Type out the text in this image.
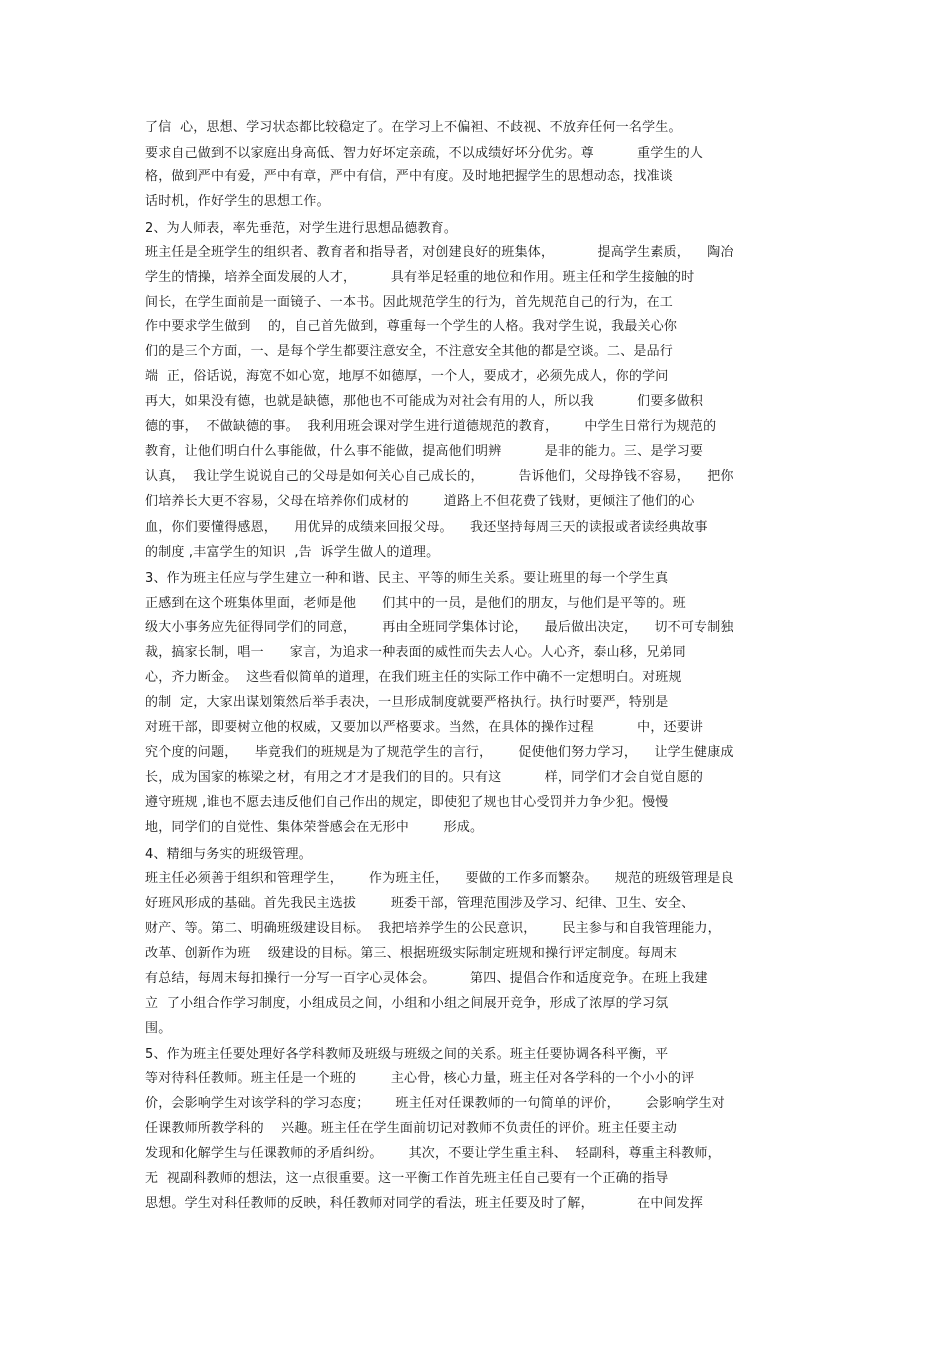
了信  心，思想、学习状态都比较稳定了。在学习上不偏袒、不歧视、不放弃任何一名学生。

要求自己做到不以家庭出身高低、智力好坏定亲疏，不以成绩好坏分优劣。尊          重学生的人

格，做到严中有爱，严中有章，严中有信，严中有度。及时地把握学生的思想动态，找准谈

话时机，作好学生的思想工作。

2、为人师表，率先垂范，对学生进行思想品德教育。

班主任是全班学生的组织者、教育者和指导者，对创建良好的班集体，          提高学生素质，    陶冶

学生的情操，培养全面发展的人才，        具有举足轻重的地位和作用。班主任和学生接触的时

间长，在学生面前是一面镜子、一本书。因此规范学生的行为，首先规范自己的行为，在工

作中要求学生做到    的，自己首先做到，尊重每一个学生的人格。我对学生说，我最关心你

们的是三个方面，一、是每个学生都要注意安全，不注意安全其他的都是空谈。二、是品行

端  正，俗话说，海宽不如心宽，地厚不如德厚，一个人，要成才，必须先成人，你的学问

再大，如果没有德，也就是缺德，那他也不可能成为对社会有用的人，所以我          们要多做积

德的事，  不做缺德的事。  我利用班会课对学生进行道德规范的教育，      中学生日常行为规范的

教育，让他们明白什么事能做，什么事不能做，提高他们明辨          是非的能力。三、是学习要

认真，  我让学生说说自己的父母是如何关心自己成长的，        告诉他们，父母挣钱不容易，    把你

们培养长大更不容易，父母在培养你们成材的        道路上不但花费了钱财，更倾注了他们的心

血，你们要懂得感恩，    用优异的成绩来回报父母。    我还坚持每周三天的读报或者读经典故事

的制度 ,丰富学生的知识  ,告  诉学生做人的道理。

3、作为班主任应与学生建立一种和谐、民主、平等的师生关系。要让班里的每一个学生真

正感到在这个班集体里面，老师是他      们其中的一员，是他们的朋友，与他们是平等的。班

级大小事务应先征得同学们的同意，      再由全班同学集体讨论，    最后做出决定，    切不可专制独

裁，搞家长制，唱一      家言，为追求一种表面的威性而失去人心。人心齐，泰山移，兄弟同

心，齐力断金。  这些看似简单的道理，在我们班主任的实际工作中确不一定想明白。对班规

的制  定，大家出谋划策然后举手表决，一旦形成制度就要严格执行。执行时要严，特别是

对班干部，即要树立他的权威，又要加以严格要求。当然，在具体的操作过程          中，还要讲

究个度的问题，    毕竟我们的班规是为了规范学生的言行，      促使他们努力学习，    让学生健康成

长，成为国家的栋梁之材，有用之才才是我们的目的。只有这          样，同学们才会自觉自愿的

遵守班规 ,谁也不愿去违反他们自己作出的规定，即使犯了规也甘心受罚并力争少犯。慢慢

地，同学们的自觉性、集体荣誉感会在无形中        形成。

4、精细与务实的班级管理。

班主任必须善于组织和管理学生，      作为班主任，    要做的工作多而繁杂。    规范的班级管理是良

好班风形成的基础。首先我民主选拔        班委干部，管理范围涉及学习、纪律、卫生、安全、

财产、等。第二、明确班级建设目标。  我把培养学生的公民意识，      民主参与和自我管理能力，

改革、创新作为班    级建设的目标。第三、根据班级实际制定班规和操行评定制度。每周末

有总结，每周末每扣操行一分写一百字心灵体会。        第四、提倡合作和适度竞争。在班上我建

立  了小组合作学习制度，小组成员之间，小组和小组之间展开竞争，形成了浓厚的学习氛

围。

5、作为班主任要处理好各学科教师及班级与班级之间的关系。班主任要协调各科平衡，平

等对待科任教师。班主任是一个班的        主心骨，核心力量，班主任对各学科的一个小小的评

价，会影响学生对该学科的学习态度；      班主任对任课教师的一句简单的评价，      会影响学生对

任课教师所教学科的    兴趣。班主任在学生面前切记对教师不负责任的评价。班主任要主动

发现和化解学生与任课教师的矛盾纠纷。      其次，不要让学生重主科、  轻副科，尊重主科教师，

无  视副科教师的想法，这一点很重要。这一平衡工作首先班主任自己要有一个正确的指导

思想。学生对科任教师的反映，科任教师对同学的看法，班主任要及时了解，          在中间发挥
